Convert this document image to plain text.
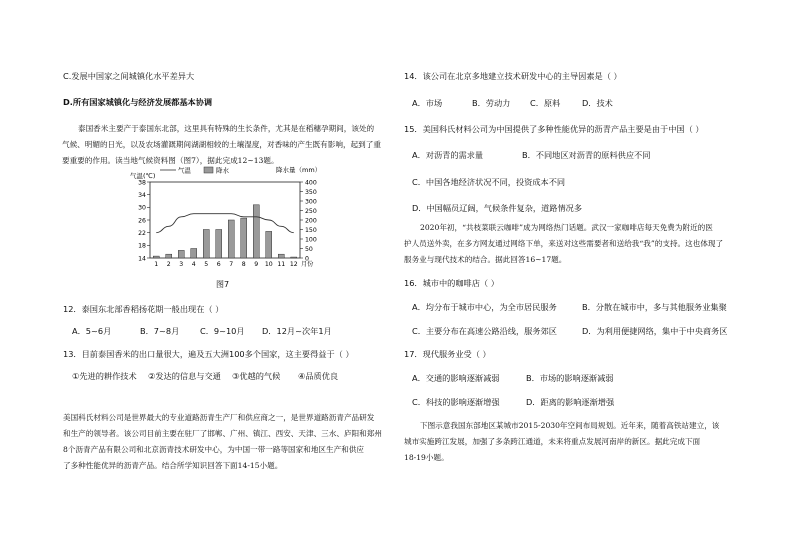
C.发展中国家之间城镇化水平差异大
D.所有国家城镇化与经济发展都基本协调
泰国香米主要产于泰国东北部，这里具有特殊的生长条件，尤其是在稻穗孕期间，该处的
气候、明媚的日光，以及农场灌溉期间湖湖相较的土壤湿度，对香味的产生既有影响，起到了重
要重要的作用。读当地气候资料图（图7），据此完成12~13题。
14
18
22
26
30
34
38
0
50
100
150
200
250
300
350
400
气温(℃)
降水量（mm）
气温	降水
1 2 3 4 5 6 7 8 9 10 11 12 月份
图7
12．泰国东北部香稻扬花期一般出现在（ ）
A．5~6月	B．7~8月	C．9~10月 D．12月~次年1月
13．目前泰国香米的出口量很大，遍及五大洲100多个国家，这主要得益于（ ）
①先进的耕作技术 ②发达的信息与交通 ③优越的气候 ④品质优良
美国科氏材料公司是世界最大的专业道路沥青生产厂和供应商之一，是世界道路沥青产品研发
和生产的领导者。该公司目前主要在驻厂了邯郸、广州、镇江、西安、天津、三水、庐阳和郑州
8个沥青产品有限公司和北京沥青技术研发中心，为中国一带一路等国家和地区生产和供应
了多种性能优异的沥青产品。结合所学知识回答下面14-15小题。
14．该公司在北京多地建立技术研发中心的主导因素是（ ）
A．市场	B．劳动力 C．原料	D．技术
15．美国科氏材料公司为中国提供了多种性能优异的沥青产品主要是由于中国（ ）
A．对沥青的需求量	B．不同地区对沥青的原料供应不同
C．中国各地经济状况不同，投资成本不同
D．中国幅员辽阔，气候条件复杂，道路情况多
2020年初，“共枝菜联云咖啡”成为网络热门话题。武汉一家咖啡店每天免费为附近的医
护人员送外卖，在多方网友通过网络下单，来送对这些需要者和送给我“我”的支持。这也体现了
服务业与现代技术的结合。据此回答16~17题。
16．城市中的咖啡店（ ）
A．均分布于城市中心，为全市居民服务	B．分散在城市中，多与其他服务业集聚
C．主要分布在高速公路沿线，服务郊区	D．为利用便捷网络，集中于中央商务区
17．现代服务业受（ ）
A．交通的影响逐渐减弱	B．市场的影响逐渐减弱
C．科技的影响逐渐增强	D．距离的影响逐渐增强
下图示意我国东部地区某城市2015-2030年空间布局规划。近年来，随着高铁站建立，该
城市实施跨江发展，加强了多条跨江通道，未来将重点发展河南岸的新区。据此完成下面
18-19小题。
